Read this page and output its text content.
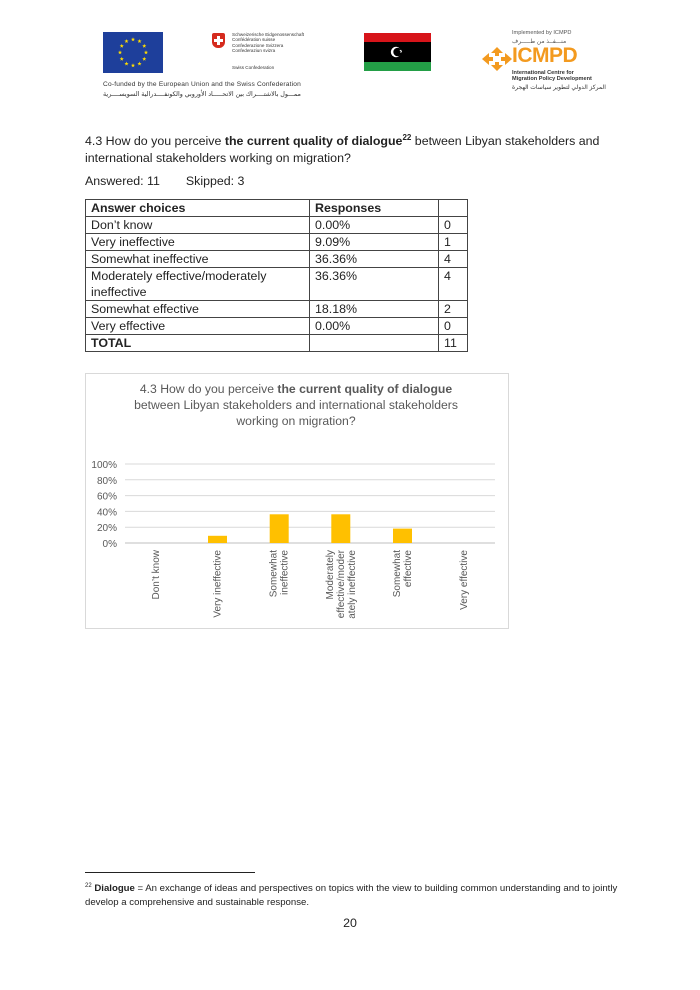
Schweizerische Eidgenossenschaft
Confédération suisse
Confederazione Svizzera
Confederaziun svizra
Swiss Confederation
Implemented by ICMPD
منـــفــذ من طـــــرف
ICMPD
International Centre for
Migration Policy Development
المركز الدولي لتطوير سياسات الهجرة
Co-funded by the European Union and the Swiss Confederation
ممـــول بالاشتــــراك بين الاتحـــــاد الأوروبي والكونفــــدرالية السويســــرية
4.3 How do you perceive the current quality of dialogue$^{22}$ between Libyan stakeholders and international stakeholders working on migration?
Answered: 11 Skipped: 3
Answer choices	Responses	
Don’t know	0.00%	0
Very ineffective	9.09%	1
Somewhat ineffective	36.36%	4
Moderately effective/moderately ineffective	36.36%	4
Somewhat effective	18.18%	2
Very effective	0.00%	0
TOTAL		11
4.3 How do you perceive the current quality of dialogue between Libyan stakeholders and international stakeholders working on migration?
0%
20%
40%
60%
80%
100%
Don’t know	Very ineffective	Somewhat ineffective	Moderately effective/moder ately ineffective	Somewhat effective	Very effective
$^{22}$ Dialogue = An exchange of ideas and perspectives on topics with the view to building common understanding and to jointly develop a comprehensive and sustainable response.
20
